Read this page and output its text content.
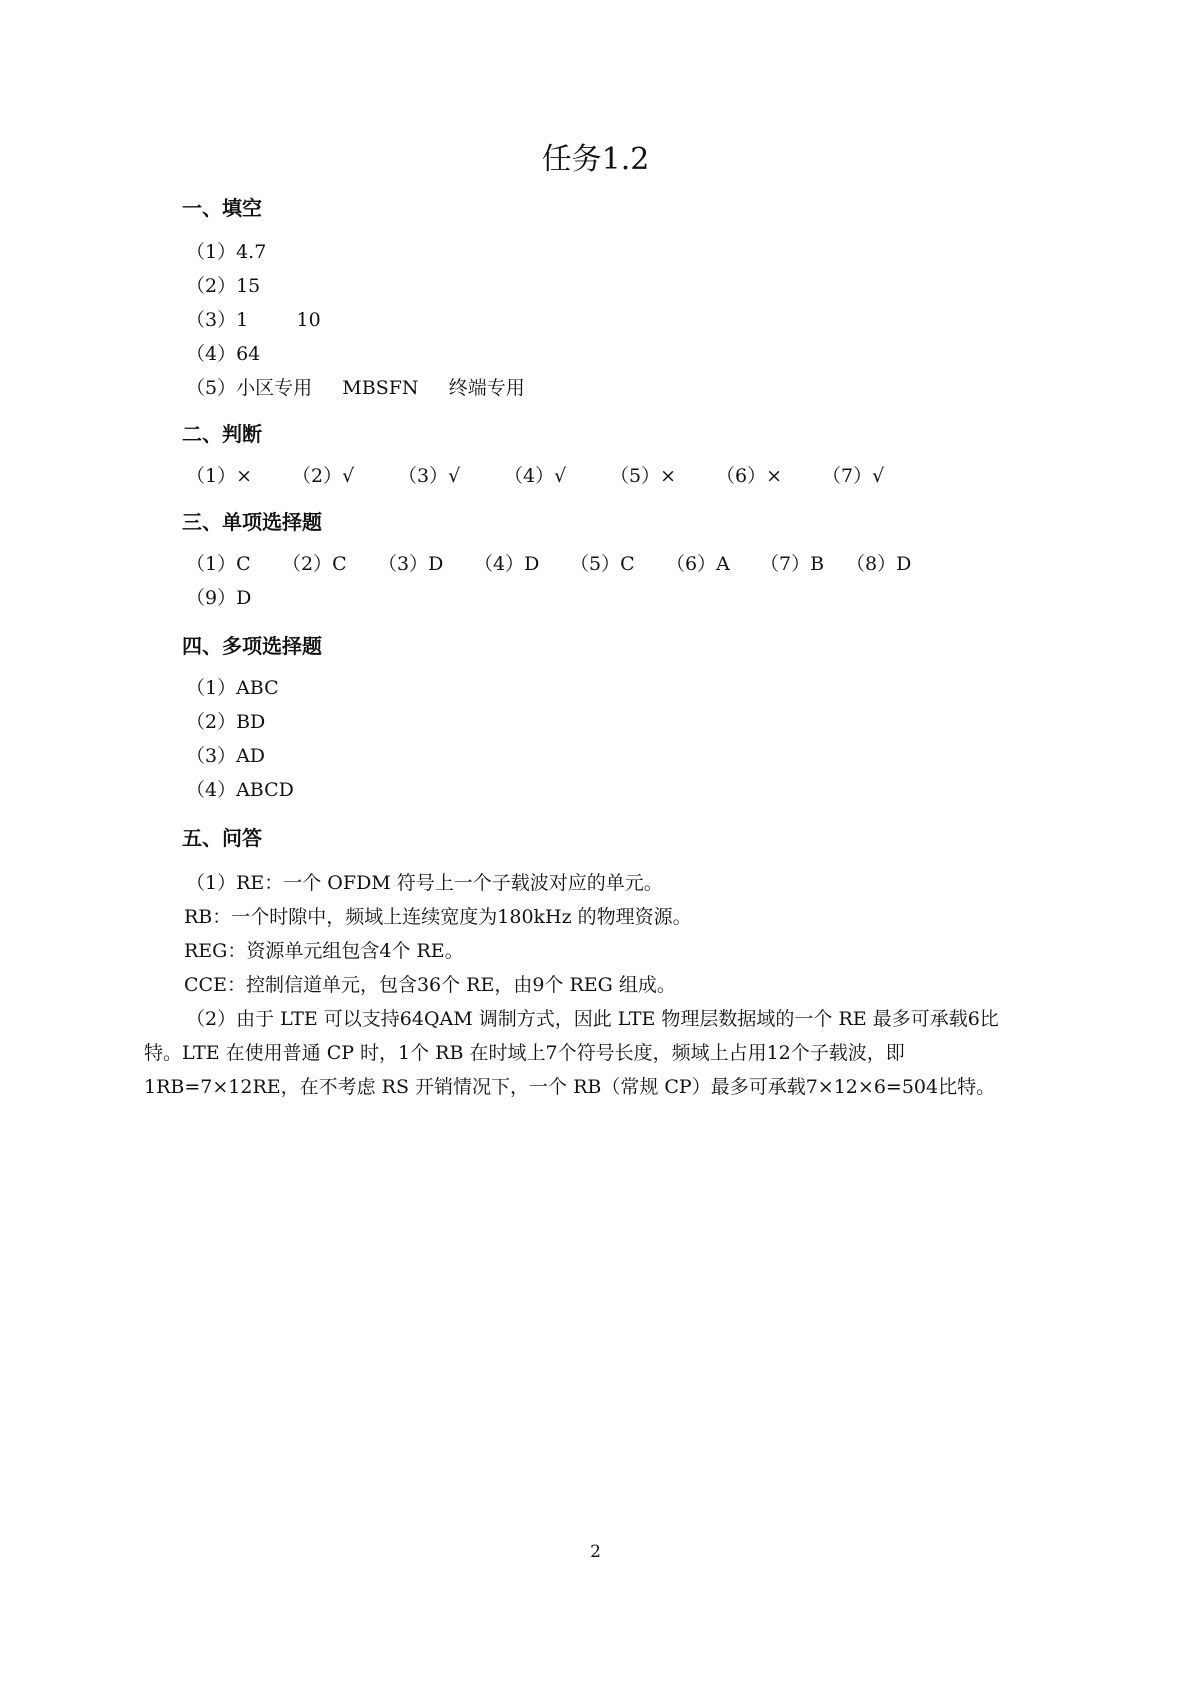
任务1.2
一、填空
（1）4.7
（2）15
（3）1        10
（4）64
（5）小区专用     MBSFN     终端专用
二、判断
（1）× （2）√ （3）√ （4）√ （5）× （6）× （7）√
三、单项选择题
（1）C （2）C （3）D （4）D （5）C （6）A （7）B （8）D
（9）D
四、多项选择题
（1）ABC
（2）BD
（3）AD
（4）ABCD
五、问答

（1）RE：一个 OFDM 符号上一个子载波对应的单元。

RB：一个时隙中，频域上连续宽度为180kHz 的物理资源。

REG：资源单元组包含4个 RE。

CCE：控制信道单元，包含36个 RE，由9个 REG 组成。

（2）由于 LTE 可以支持64QAM 调制方式，因此 LTE 物理层数据域的一个 RE 最多可承载6比特。LTE 在使用普通 CP 时，1个 RB 在时域上7个符号长度，频域上占用12个子载波，即1RB=7×12RE，在不考虑 RS 开销情况下，一个 RB（常规 CP）最多可承载7×12×6=504比特。

2
